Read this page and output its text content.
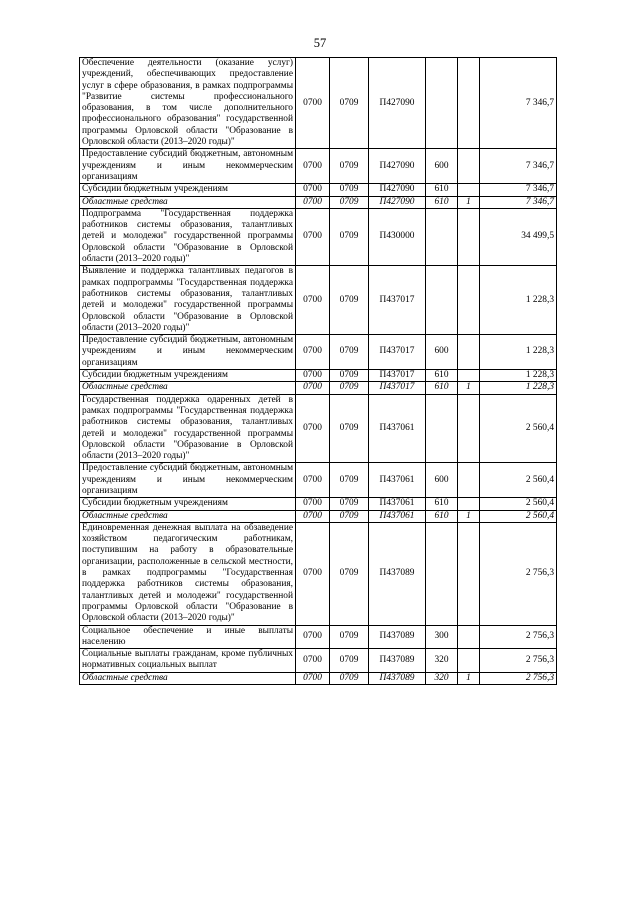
57
Обеспечение деятельности (оказание услуг) учреждений, обеспечивающих предоставление услуг в сфере образования, в рамках подпрограммы "Развитие системы профессионального образования, в том числе дополнительного профессионального образования" государственной программы Орловской области "Образование в Орловской области (2013–2020 годы)"	0700	0709	П427090			7 346,7
Предоставление субсидий бюджетным, автономным учреждениям и иным некоммерческим организациям	0700	0709	П427090	600		7 346,7
Субсидии бюджетным учреждениям	0700	0709	П427090	610		7 346,7
Областные средства	0700	0709	П427090	610	1	7 346,7
Подпрограмма "Государственная поддержка работников системы образования, талантливых детей и молодежи" государственной программы Орловской области "Образование в Орловской области (2013–2020 годы)"	0700	0709	П430000			34 499,5
Выявление и поддержка талантливых педагогов в рамках подпрограммы "Государственная поддержка работников системы образования, талантливых детей и молодежи" государственной программы Орловской области "Образование в Орловской области (2013–2020 годы)"	0700	0709	П437017			1 228,3
Предоставление субсидий бюджетным, автономным учреждениям и иным некоммерческим организациям	0700	0709	П437017	600		1 228,3
Субсидии бюджетным учреждениям	0700	0709	П437017	610		1 228,3
Областные средства	0700	0709	П437017	610	1	1 228,3
Государственная поддержка одаренных детей в рамках подпрограммы "Государственная поддержка работников системы образования, талантливых детей и молодежи" государственной программы Орловской области "Образование в Орловской области (2013–2020 годы)"	0700	0709	П437061			2 560,4
Предоставление субсидий бюджетным, автономным учреждениям и иным некоммерческим организациям	0700	0709	П437061	600		2 560,4
Субсидии бюджетным учреждениям	0700	0709	П437061	610		2 560,4
Областные средства	0700	0709	П437061	610	1	2 560,4
Единовременная денежная выплата на обзаведение хозяйством педагогическим работникам, поступившим на работу в образовательные организации, расположенные в сельской местности, в рамках подпрограммы "Государственная поддержка работников системы образования, талантливых детей и молодежи" государственной программы Орловской области "Образование в Орловской области (2013–2020 годы)"	0700	0709	П437089			2 756,3
Социальное обеспечение и иные выплаты населению	0700	0709	П437089	300		2 756,3
Социальные выплаты гражданам, кроме публичных нормативных социальных выплат	0700	0709	П437089	320		2 756,3
Областные средства	0700	0709	П437089	320	1	2 756,3
